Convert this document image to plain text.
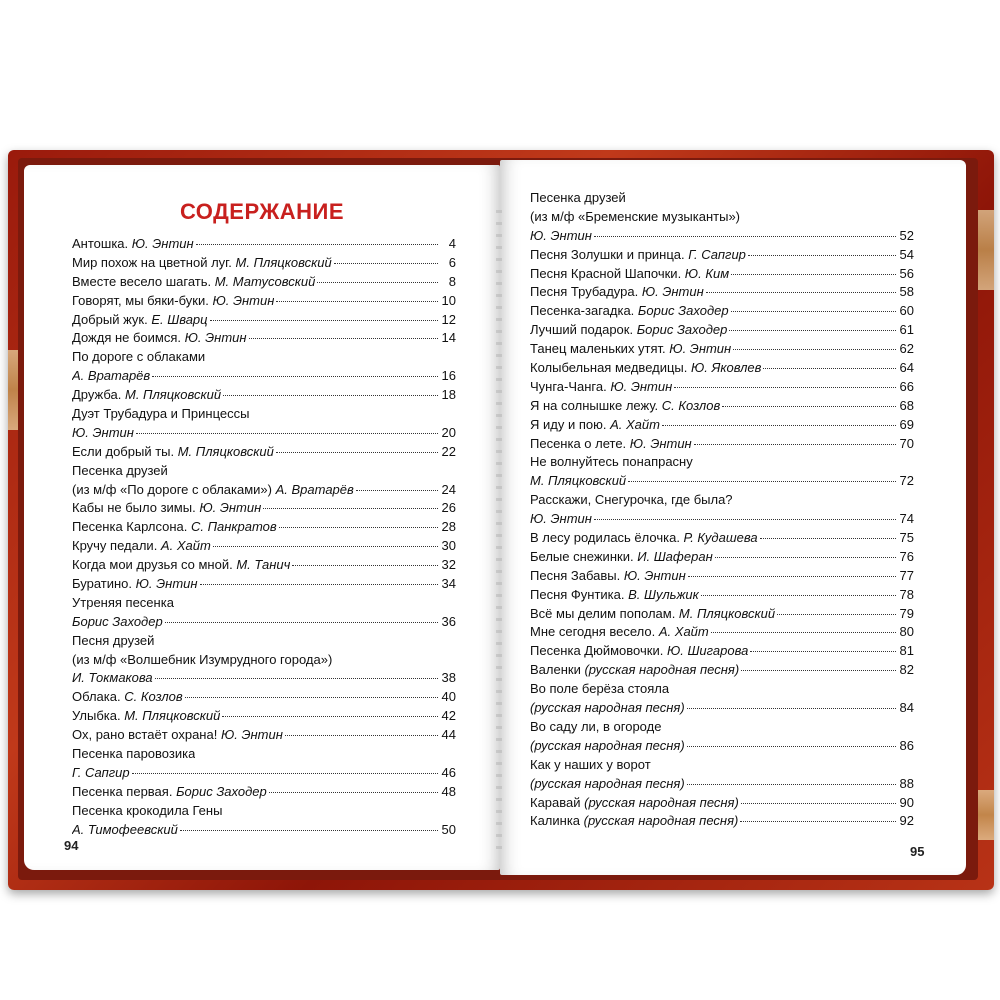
СОДЕРЖАНИЕ
Антошка. Ю. Энтин	4
Мир похож на цветной луг. М. Пляцковский	6
Вместе весело шагать. М. Матусовский	8
Говорят, мы бяки-буки. Ю. Энтин	10
Добрый жук. Е. Шварц	12
Дождя не боимся. Ю. Энтин	14
По дороге с облаками
А. Вратарёв	16
Дружба. М. Пляцковский	18
Дуэт Трубадура и Принцессы
Ю. Энтин	20
Если добрый ты. М. Пляцковский	22
Песенка друзей
(из м/ф «По дороге с облаками») А. Вратарёв	24
Кабы не было зимы. Ю. Энтин	26
Песенка Карлсона. С. Панкратов	28
Кручу педали. А. Хайт	30
Когда мои друзья со мной. М. Танич	32
Буратино. Ю. Энтин	34
Утреняя песенка
Борис Заходер	36
Песня друзей
(из м/ф «Волшебник Изумрудного города»)
И. Токмакова	38
Облака. С. Козлов	40
Улыбка. М. Пляцковский	42
Ох, рано встаёт охрана! Ю. Энтин	44
Песенка паровозика
Г. Сапгир	46
Песенка первая. Борис Заходер	48
Песенка крокодила Гены
А. Тимофеевский	50
94
Песенка друзей
(из м/ф «Бременские музыканты»)
Ю. Энтин	52
Песня Золушки и принца. Г. Сапгир	54
Песня Красной Шапочки. Ю. Ким	56
Песня Трубадура. Ю. Энтин	58
Песенка-загадка. Борис Заходер	60
Лучший подарок. Борис Заходер	61
Танец маленьких утят. Ю. Энтин	62
Колыбельная медведицы. Ю. Яковлев	64
Чунга-Чанга. Ю. Энтин	66
Я на солнышке лежу. С. Козлов	68
Я иду и пою. А. Хайт	69
Песенка о лете. Ю. Энтин	70
Не волнуйтесь понапрасну
М. Пляцковский	72
Расскажи, Снегурочка, где была?
Ю. Энтин	74
В лесу родилась ёлочка. Р. Кудашева	75
Белые снежинки. И. Шаферан	76
Песня Забавы. Ю. Энтин	77
Песня Фунтика. В. Шульжик	78
Всё мы делим пополам. М. Пляцковский	79
Мне сегодня весело. А. Хайт	80
Песенка Дюймовочки. Ю. Шигарова	81
Валенки (русская народная песня)	82
Во поле берёза стояла
(русская народная песня)	84
Во саду ли, в огороде
(русская народная песня)	86
Как у наших у ворот
(русская народная песня)	88
Каравай (русская народная песня)	90
Калинка (русская народная песня)	92
95
